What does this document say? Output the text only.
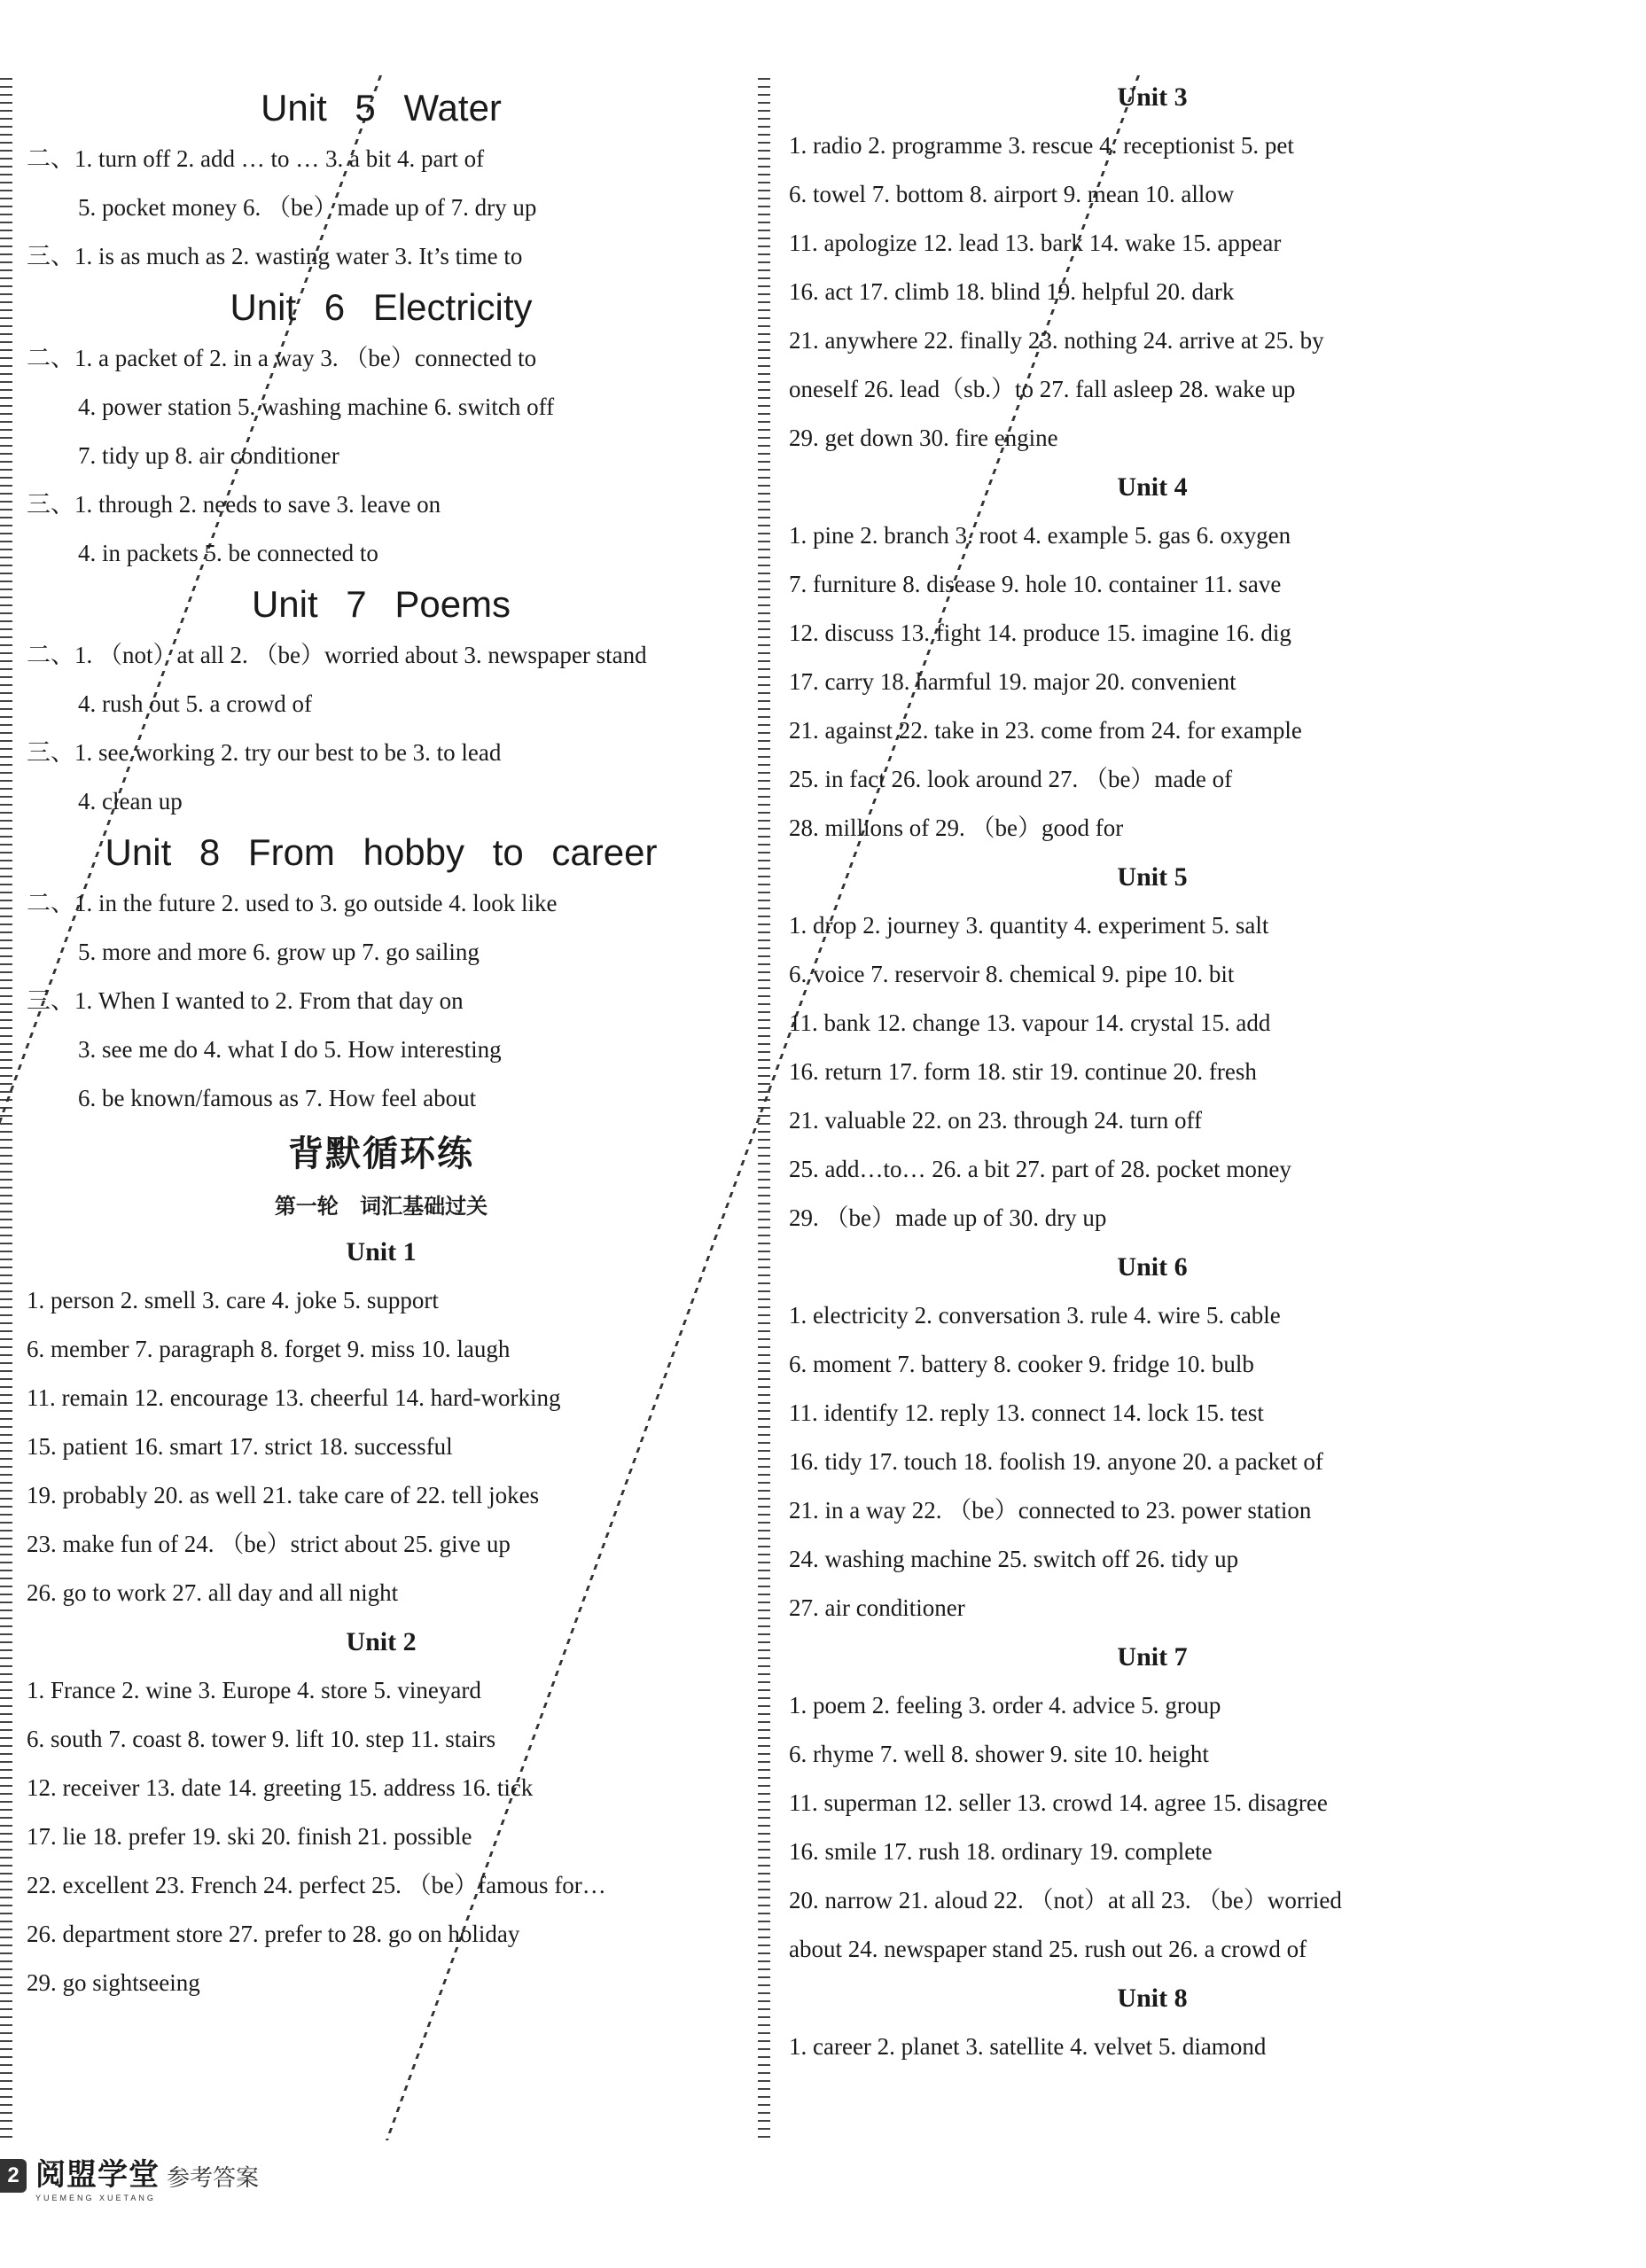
Unit 5 Water
二、1. turn off 2. add … to … 3. a bit 4. part of
5. pocket money 6. （be）made up of 7. dry up
三、1. is as much as 2. wasting water 3. It’s time to
Unit 6 Electricity
二、1. a packet of 2. in a way 3. （be）connected to
4. power station 5. washing machine 6. switch off
7. tidy up 8. air conditioner
三、1. through 2. needs to save 3. leave on
4. in packets 5. be connected to
Unit 7 Poems
二、1. （not）at all 2. （be）worried about 3. newspaper stand
4. rush out 5. a crowd of
三、1. see working 2. try our best to be 3. to lead
4. clean up
Unit 8 From hobby to career
二、1. in the future 2. used to 3. go outside 4. look like
5. more and more 6. grow up 7. go sailing
三、1. When I wanted to 2. From that day on
3. see me do 4. what I do 5. How interesting
6. be known/famous as 7. How feel about
背默循环练
第一轮 词汇基础过关
Unit 1
1. person 2. smell 3. care 4. joke 5. support
6. member 7. paragraph 8. forget 9. miss 10. laugh
11. remain 12. encourage 13. cheerful 14. hard-working
15. patient 16. smart 17. strict 18. successful
19. probably 20. as well 21. take care of 22. tell jokes
23. make fun of 24. （be）strict about 25. give up
26. go to work 27. all day and all night
Unit 2
1. France 2. wine 3. Europe 4. store 5. vineyard
6. south 7. coast 8. tower 9. lift 10. step 11. stairs
12. receiver 13. date 14. greeting 15. address 16. tick
17. lie 18. prefer 19. ski 20. finish 21. possible
22. excellent 23. French 24. perfect 25. （be）famous for…
26. department store 27. prefer to 28. go on holiday
29. go sightseeing
Unit 3
1. radio 2. programme 3. rescue 4. receptionist 5. pet
6. towel 7. bottom 8. airport 9. mean 10. allow
11. apologize 12. lead 13. bark 14. wake 15. appear
16. act 17. climb 18. blind 19. helpful 20. dark
21. anywhere 22. finally 23. nothing 24. arrive at 25. by
oneself 26. lead（sb.）to 27. fall asleep 28. wake up
29. get down 30. fire engine
Unit 4
1. pine 2. branch 3. root 4. example 5. gas 6. oxygen
7. furniture 8. disease 9. hole 10. container 11. save
12. discuss 13. fight 14. produce 15. imagine 16. dig
17. carry 18. harmful 19. major 20. convenient
21. against 22. take in 23. come from 24. for example
25. in fact 26. look around 27. （be）made of
28. millions of 29. （be）good for
Unit 5
1. drop 2. journey 3. quantity 4. experiment 5. salt
6. voice 7. reservoir 8. chemical 9. pipe 10. bit
11. bank 12. change 13. vapour 14. crystal 15. add
16. return 17. form 18. stir 19. continue 20. fresh
21. valuable 22. on 23. through 24. turn off
25. add…to… 26. a bit 27. part of 28. pocket money
29. （be）made up of 30. dry up
Unit 6
1. electricity 2. conversation 3. rule 4. wire 5. cable
6. moment 7. battery 8. cooker 9. fridge 10. bulb
11. identify 12. reply 13. connect 14. lock 15. test
16. tidy 17. touch 18. foolish 19. anyone 20. a packet of
21. in a way 22. （be）connected to 23. power station
24. washing machine 25. switch off 26. tidy up
27. air conditioner
Unit 7
1. poem 2. feeling 3. order 4. advice 5. group
6. rhyme 7. well 8. shower 9. site 10. height
11. superman 12. seller 13. crowd 14. agree 15. disagree
16. smile 17. rush 18. ordinary 19. complete
20. narrow 21. aloud 22. （not）at all 23. （be）worried
about 24. newspaper stand 25. rush out 26. a crowd of
Unit 8
1. career 2. planet 3. satellite 4. velvet 5. diamond
2 阅盟学堂
YUEMENG XUETANG
参考答案
